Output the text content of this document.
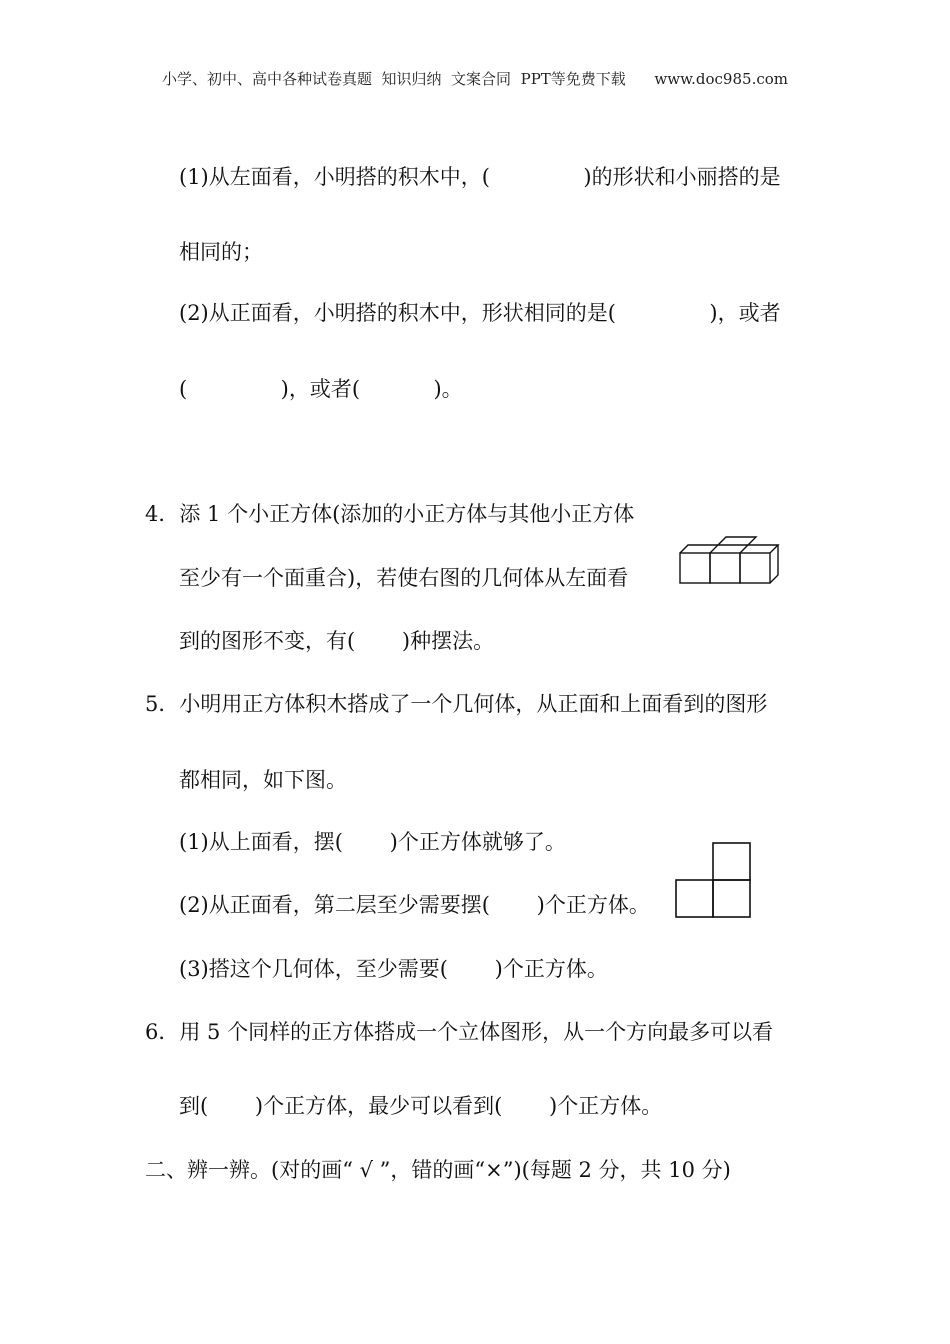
小学、初中、高中各种试卷真题  知识归纳  文案合同  PPT等免费下载      www.doc985.com
(1)从左面看，小明搭的积木中，(              )的形状和小丽搭的是
相同的；
(2)从正面看，小明搭的积木中，形状相同的是(              )，或者
(              )，或者(           )。
4．添 1 个小正方体(添加的小正方体与其他小正方体
至少有一个面重合)，若使右图的几何体从左面看
到的图形不变，有(       )种摆法。
5．小明用正方体积木搭成了一个几何体，从正面和上面看到的图形
都相同，如下图。
(1)从上面看，摆(       )个正方体就够了。
(2)从正面看，第二层至少需要摆(       )个正方体。
(3)搭这个几何体，至少需要(       )个正方体。
6．用 5 个同样的正方体搭成一个立体图形，从一个方向最多可以看
到(       )个正方体，最少可以看到(       )个正方体。
二、辨一辨。(对的画“ √ ”，错的画“×”)(每题 2 分，共 10 分)
